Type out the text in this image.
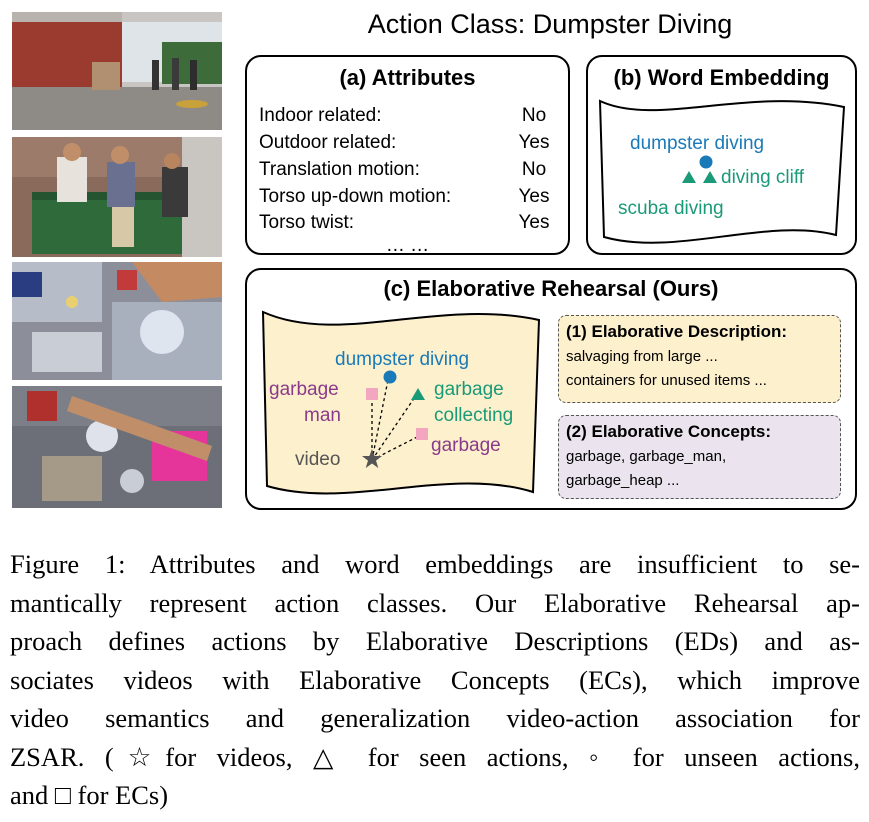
Action Class: Dumpster Diving
(a) Attributes
Indoor related:	No
Outdoor related:	Yes
Translation motion:	No
Torso up-down motion:	Yes
Torso twist:	Yes
… …
(b) Word Embedding
dumpster diving
diving cliff
scuba diving
(c) Elaborative Rehearsal (Ours)
dumpster diving
garbage
man
garbage
collecting
garbage
video
(1) Elaborative Description:
salvaging from large ...
containers for unused items ...
(2) Elaborative Concepts:
garbage, garbage_man,
garbage_heap ...
Figure 1: Attributes and word embeddings are insufficient to se-
mantically represent action classes. Our Elaborative Rehearsal ap-
proach defines actions by Elaborative Descriptions (EDs) and as-
sociates videos with Elaborative Concepts (ECs), which improve
video semantics and generalization video-action association for
ZSAR. (☆for videos, △ for seen actions, ◦ for unseen actions,
and □ for ECs)
